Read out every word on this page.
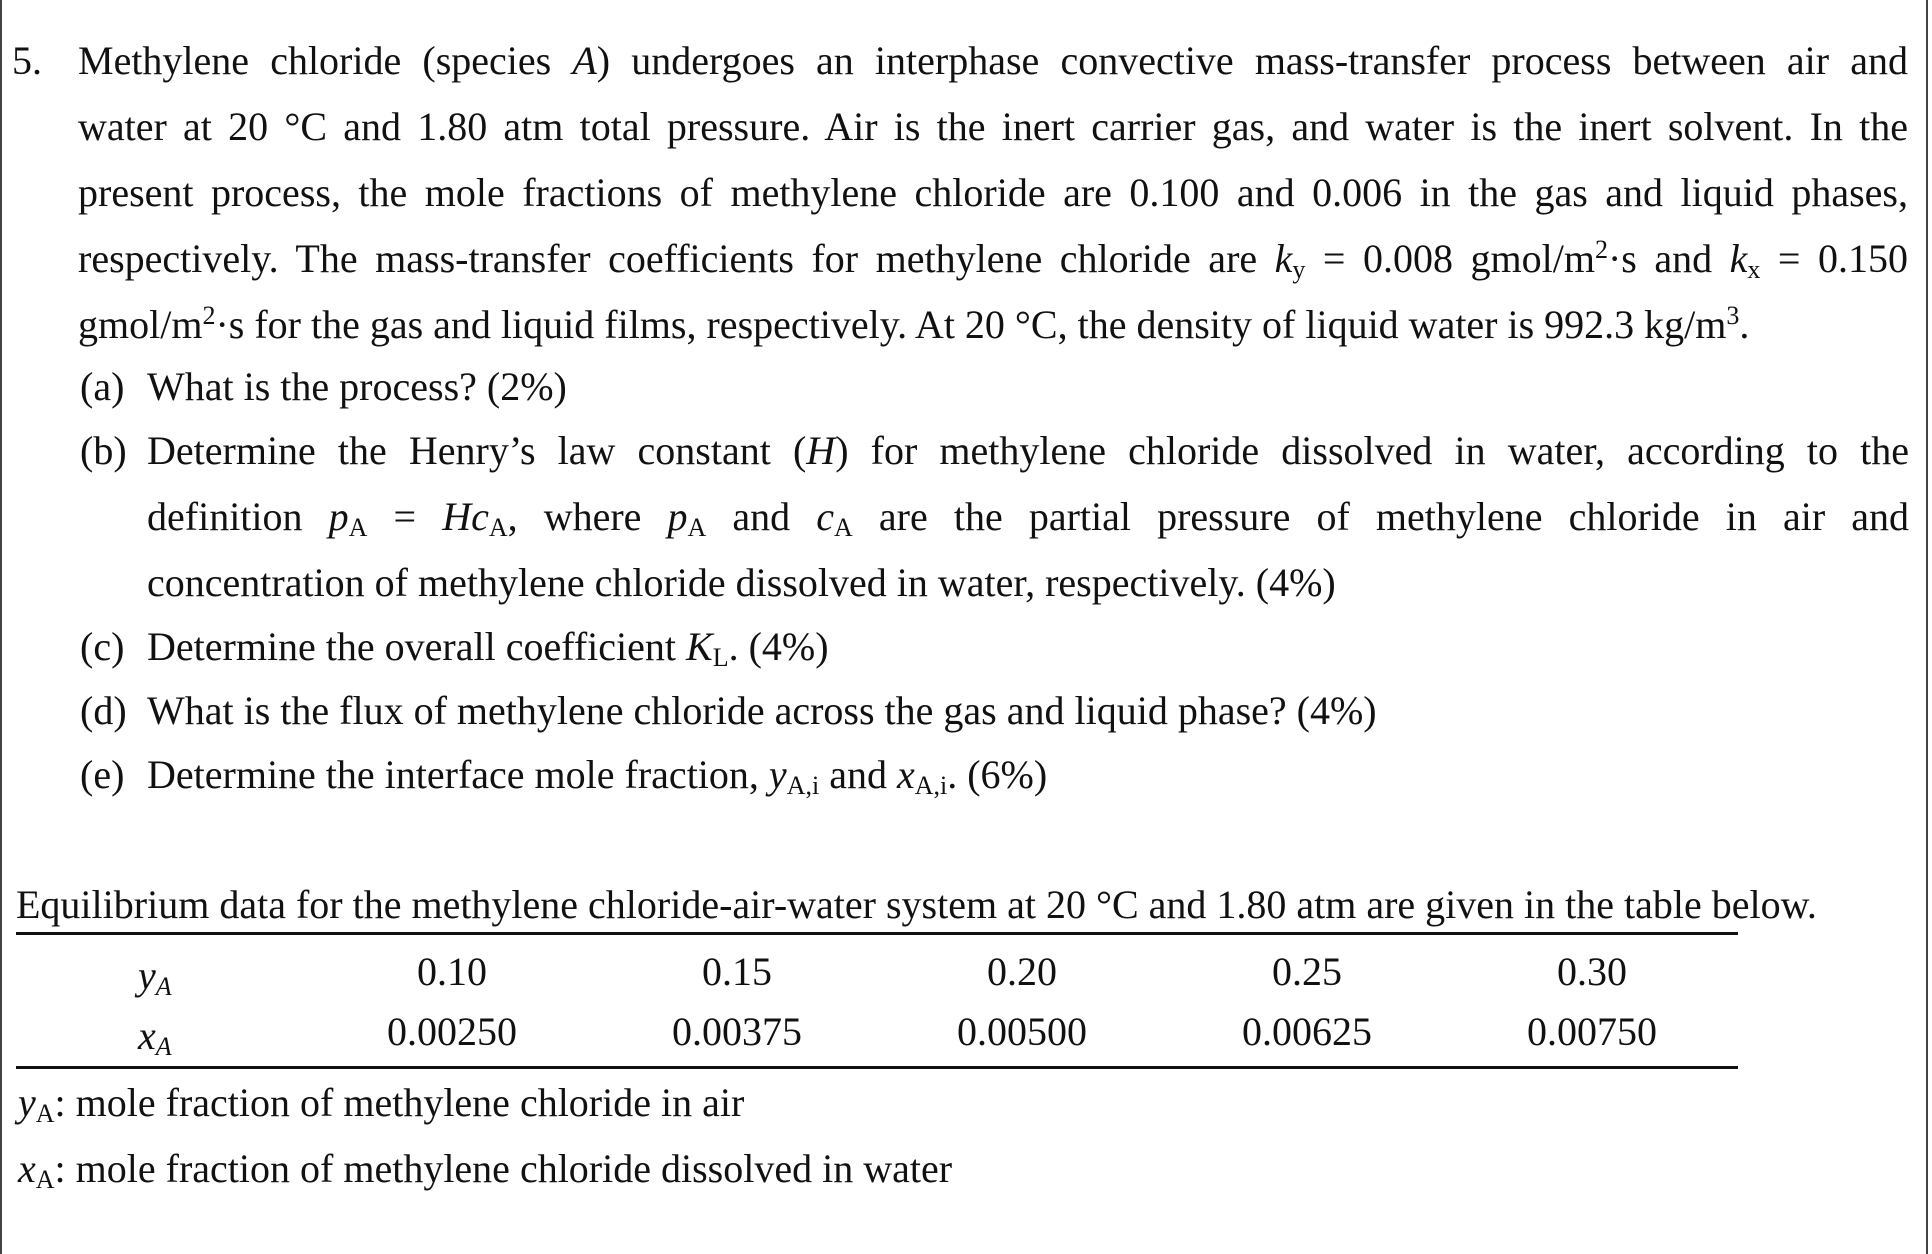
5. Methylene chloride (species A) undergoes an interphase convective mass-transfer process between air and
water at 20 °C and 1.80 atm total pressure. Air is the inert carrier gas, and water is the inert solvent. In the
present process, the mole fractions of methylene chloride are 0.100 and 0.006 in the gas and liquid phases,
respectively. The mass-transfer coefficients for methylene chloride are $k_y = 0.008$ gmol/$m^2\cdot s$ and $k_x = 0.150$
gmol/$m^2\cdot s$ for the gas and liquid films, respectively. At 20 °C, the density of liquid water is 992.3 $kg/m^3$.
(a) What is the process? (2%)
(b) Determine the Henry’s law constant (H) for methylene chloride dissolved in water, according to the
definition $p_A = Hc_A$, where $p_A$ and $c_A$ are the partial pressure of methylene chloride in air and
concentration of methylene chloride dissolved in water, respectively. (4%)
(c) Determine the overall coefficient $K_L$. (4%)
(d) What is the flux of methylene chloride across the gas and liquid phase? (4%)
(e) Determine the interface mole fraction, $y_{A,i}$ and $x_{A,i}$. (6%)
Equilibrium data for the methylene chloride-air-water system at 20 °C and 1.80 atm are given in the table below.
$y_A$	0.10	0.15	0.20	0.25	0.30
$x_A$	0.00250	0.00375	0.00500	0.00625	0.00750
$y_A$: mole fraction of methylene chloride in air
$x_A$: mole fraction of methylene chloride dissolved in water
